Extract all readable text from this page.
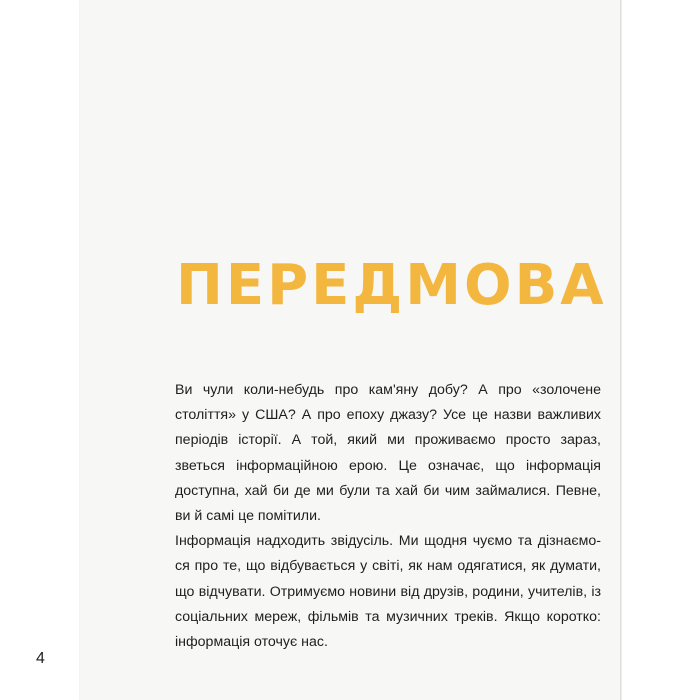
ПЕРЕДМОВА

Ви чули коли-небудь про кам'яну добу? А про «золочене століття» у США? А про епоху джазу? Усе це назви важливих періодів історії. А той, який ми проживаємо просто зараз, зветься інформаційною ерою. Це означає, що інформація доступна, хай би де ми були та хай би чим займалися. Певне, ви й самі це помітили.

Інформація надходить звідусіль. Ми щодня чуємо та дізнаємо-ся про те, що відбувається у світі, як нам одягатися, як думати, що відчувати. Отримуємо новини від друзів, родини, учителів, із соціальних мереж, фільмів та музичних треків. Якщо коротко: інформація оточує нас.

4
